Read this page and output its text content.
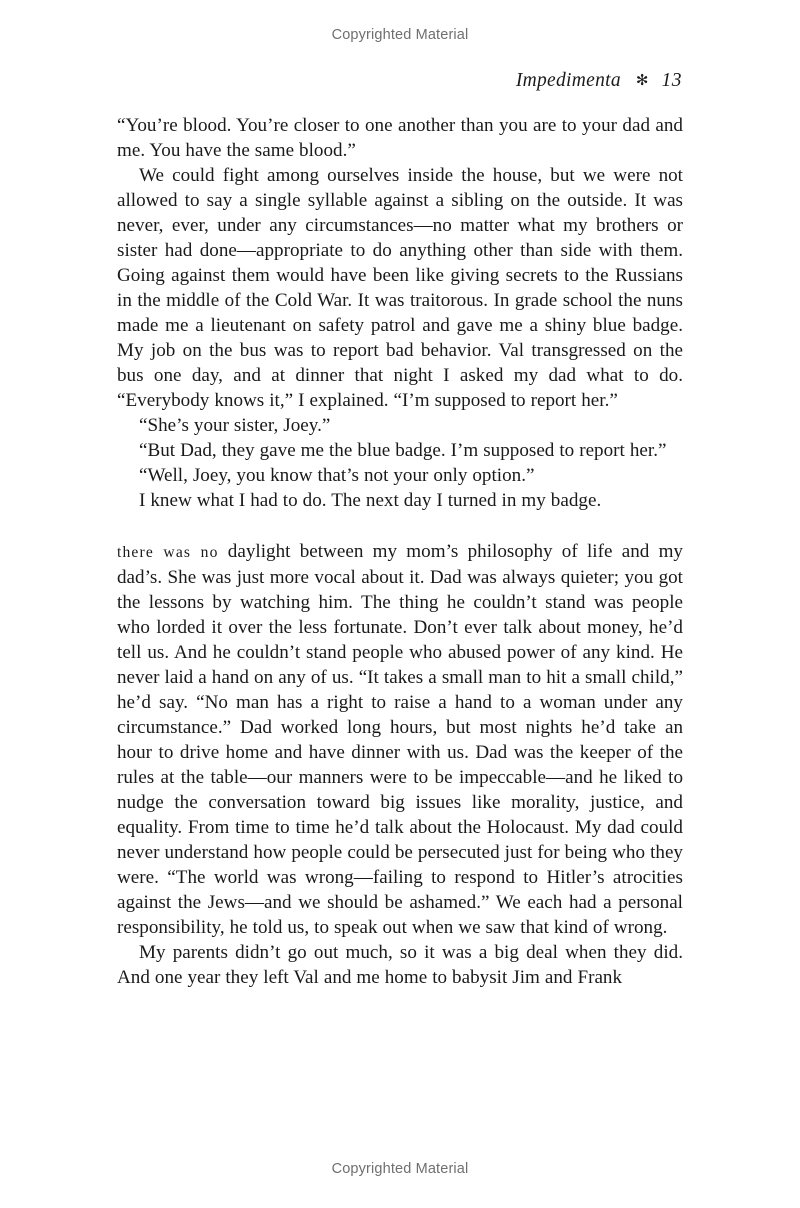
Copyrighted Material
Impedimenta	✻ 13

“You’re blood. You’re closer to one another than you are to your dad and me. You have the same blood.”

We could fight among ourselves inside the house, but we were not allowed to say a single syllable against a sibling on the outside. It was never, ever, under any circumstances—no matter what my brothers or sister had done—appropriate to do anything other than side with them. Going against them would have been like giving secrets to the Russians in the middle of the Cold War. It was traitorous. In grade school the nuns made me a lieutenant on safety patrol and gave me a shiny blue badge. My job on the bus was to report bad behavior. Val transgressed on the bus one day, and at dinner that night I asked my dad what to do. “Everybody knows it,” I explained. “I’m supposed to report her.”

“She’s your sister, Joey.”

“But Dad, they gave me the blue badge. I’m supposed to report her.”

“Well, Joey, you know that’s not your only option.”

I knew what I had to do. The next day I turned in my badge.

there was no daylight between my mom’s philosophy of life and my dad’s. She was just more vocal about it. Dad was always quieter; you got the lessons by watching him. The thing he couldn’t stand was people who lorded it over the less fortunate. Don’t ever talk about money, he’d tell us. And he couldn’t stand people who abused power of any kind. He never laid a hand on any of us. “It takes a small man to hit a small child,” he’d say. “No man has a right to raise a hand to a woman under any circumstance.” Dad worked long hours, but most nights he’d take an hour to drive home and have dinner with us. Dad was the keeper of the rules at the table—our manners were to be impeccable—and he liked to nudge the conversation toward big issues like morality, justice, and equality. From time to time he’d talk about the Holocaust. My dad could never understand how people could be persecuted just for being who they were. “The world was wrong—failing to respond to Hitler’s atrocities against the Jews—and we should be ashamed.” We each had a personal responsibility, he told us, to speak out when we saw that kind of wrong.

My parents didn’t go out much, so it was a big deal when they did. And one year they left Val and me home to babysit Jim and Frank

Copyrighted Material
